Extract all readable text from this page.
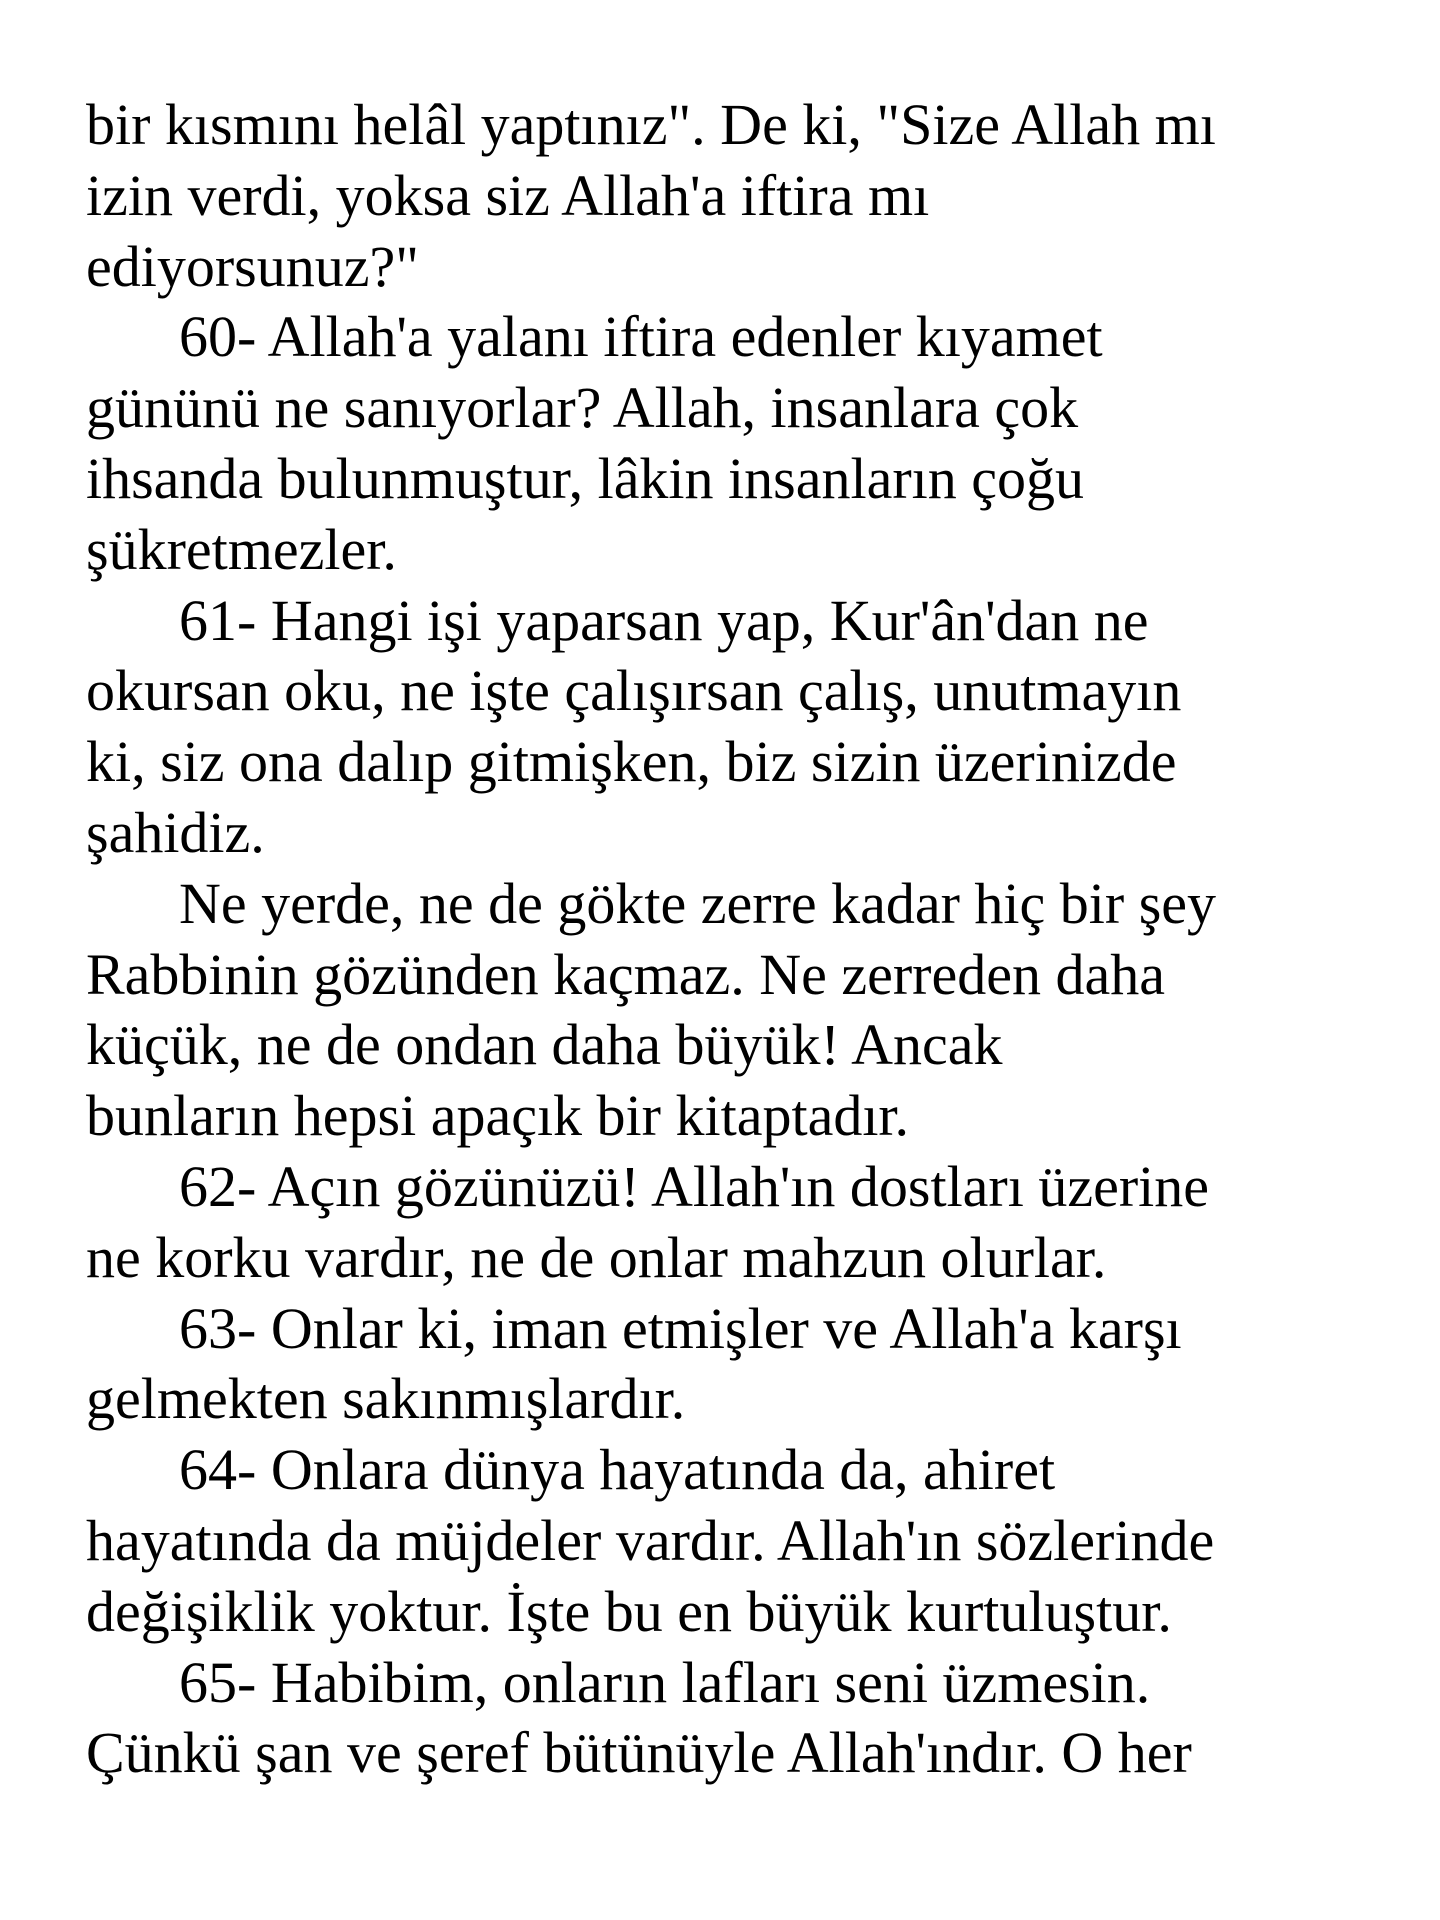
bir kısmını helâl yaptınız". De ki, "Size Allah mı
izin verdi, yoksa siz Allah'a iftira mı
ediyorsunuz?"

60- Allah'a yalanı iftira edenler kıyamet
gününü ne sanıyorlar? Allah, insanlara çok
ihsanda bulunmuştur, lâkin insanların çoğu
şükretmezler.

61- Hangi işi yaparsan yap, Kur'ân'dan ne
okursan oku, ne işte çalışırsan çalış, unutmayın
ki, siz ona dalıp gitmişken, biz sizin üzerinizde
şahidiz.

Ne yerde, ne de gökte zerre kadar hiç bir şey
Rabbinin gözünden kaçmaz. Ne zerreden daha
küçük, ne de ondan daha büyük! Ancak
bunların hepsi apaçık bir kitaptadır.

62- Açın gözünüzü! Allah'ın dostları üzerine
ne korku vardır, ne de onlar mahzun olurlar.

63- Onlar ki, iman etmişler ve Allah'a karşı
gelmekten sakınmışlardır.

64- Onlara dünya hayatında da, ahiret
hayatında da müjdeler vardır. Allah'ın sözlerinde
değişiklik yoktur. İşte bu en büyük kurtuluştur.

65- Habibim, onların lafları seni üzmesin.
Çünkü şan ve şeref bütünüyle Allah'ındır. O her
